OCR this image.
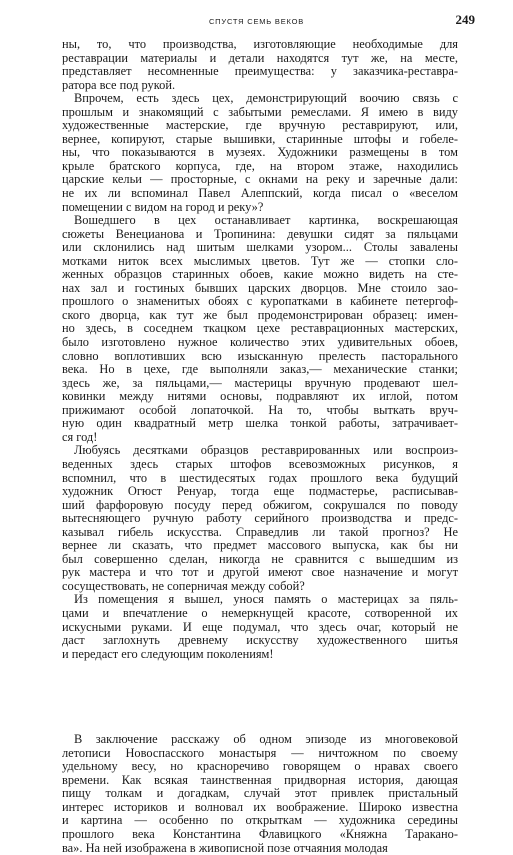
СПУСТЯ СЕМЬ ВЕКОВ	249

ны, то, что производства, изготовляющие необходимые для
реставрации материалы и детали находятся тут же, на месте,
представляет несомненные преимущества: у заказчика-реставра-
ратора все под рукой.

Впрочем, есть здесь цех, демонстрирующий воочию связь с
прошлым и знакомящий с забытыми ремеслами. Я имею в виду
художественные мастерские, где вручную реставрируют, или,
вернее, копируют, старые вышивки, старинные штофы и гобеле-
ны, что показываются в музеях. Художники размещены в том
крыле братского корпуса, где, на втором этаже, находились
царские кельи — просторные, с окнами на реку и заречные дали:
не их ли вспоминал Павел Алеппский, когда писал о «веселом
помещении с видом на город и реку»?

Вошедшего в цех останавливает картинка, воскрешающая
сюжеты Венецианова и Тропинина: девушки сидят за пяльцами
или склонились над шитым шелками узором... Столы завалены
мотками ниток всех мыслимых цветов. Тут же — стопки сло-
женных образцов старинных обоев, какие можно видеть на сте-
нах зал и гостиных бывших царских дворцов. Мне стоило зао-
прошлого о знаменитых обоях с куропатками в кабинете петергоф-
ского дворца, как тут же был продемонстрирован образец: имен-
но здесь, в соседнем ткацком цехе реставрационных мастерских,
было изготовлено нужное количество этих удивительных обоев,
словно воплотивших всю изысканную прелесть пасторального
века. Но в цехе, где выполняли заказ,— механические станки;
здесь же, за пяльцами,— мастерицы вручную продевают шел-
ковинки между нитями основы, подравляют их иглой, потом
прижимают особой лопаточкой. На то, чтобы выткать вруч-
ную один квадратный метр шелка тонкой работы, затрачивает-
ся год!

Любуясь десятками образцов реставрированных или воспроиз-
веденных здесь старых штофов всевозможных рисунков, я
вспомнил, что в шестидесятых годах прошлого века будущий
художник Огюст Ренуар, тогда еще подмастерье, расписывав-
ший фарфоровую посуду перед обжигом, сокрушался по поводу
вытесняющего ручную работу серийного производства и предс-
казывал гибель искусства. Справедлив ли такой прогноз? Не
вернее ли сказать, что предмет массового выпуска, как бы ни
был совершенно сделан, никогда не сравнится с вышедшим из
рук мастера и что тот и другой имеют свое назначение и могут
сосуществовать, не соперничая между собой?

Из помещения я вышел, унося память о мастерицах за пяль-
цами и впечатление о немеркнущей красоте, сотворенной их
искусными руками. И еще подумал, что здесь очаг, который не
даст заглохнуть древнему искусству художественного шитья
и передаст его следующим поколениям!

В заключение расскажу об одном эпизоде из многовековой
летописи Новоспасского монастыря — ничтожном по своему
удельному весу, но красноречиво говорящем о нравах своего
времени. Как всякая таинственная придворная история, дающая
пищу толкам и догадкам, случай этот привлек пристальный
интерес историков и волновал их воображение. Широко известна
и картина — особенно по открыткам — художника середины
прошлого века Константина Флавицкого «Княжна Таракано-
ва». На ней изображена в живописной позе отчаяния молодая
